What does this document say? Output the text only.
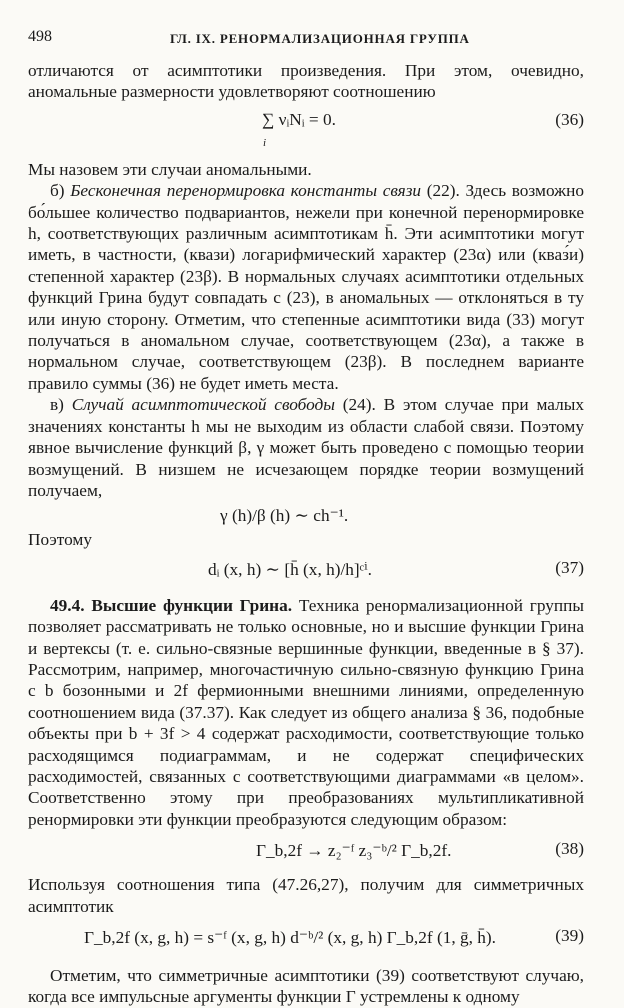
498	ГЛ. IX. РЕНОРМАЛИЗАЦИОННАЯ ГРУППА

отличаются от асимптотики произведения. При этом, очевидно, аномальные размерности удовлетворяют соотношению

∑ νᵢNᵢ = 0.
i
(36)

Мы назовем эти случаи аномальными.

б) Бесконечная перенормировка константы связи (22). Здесь возможно бо́льшее количество подвариантов, нежели при конечной перенормировке h, соответствующих различным асимптотикам h̄. Эти асимптотики могут иметь, в частности, (квази) логарифмический характер (23α) или (кваз́и) степенной характер (23β). В нормальных случаях асимптотики отдельных функций Грина будут совпадать с (23), в аномальных — отклоняться в ту или иную сторону. Отметим, что степенные асимптотики вида (33) могут получаться в аномальном случае, соответствующем (23α), а также в нормальном случае, соответствующем (23β). В последнем варианте правило суммы (36) не будет иметь места.

в) Случай асимптотической свободы (24). В этом случае при малых значениях константы h мы не выходим из области слабой связи. Поэтому явное вычисление функций β, γ может быть проведено с помощью теории возмущений. В низшем не исчезающем порядке теории возмущений получаем,

γ (h)/β (h) ∼ ch⁻¹.

Поэтому

dᵢ (x, h) ∼ [h̄ (x, h)/h]ᶜⁱ.	(37)

49.4. Высшие функции Грина. Техника ренормализационной группы позволяет рассматривать не только основные, но и высшие функции Грина и вертексы (т. е. сильно-связные вершинные функции, введенные в § 37). Рассмотрим, например, многочастичную сильно-связную функцию Грина с b бозонными и 2f фермионными внешними линиями, определенную соотношением вида (37.37). Как следует из общего анализа § 36, подобные объекты при b + 3f > 4 содержат расходимости, соответствующие только расходящимся подиаграммам, и не содержат специфических расходимостей, связанных с соответствующими диаграммами «в целом». Соответственно этому при преобразованиях мультипликативной ренормировки эти функции преобразуются следующим образом:

Γ_b,2f → z₂⁻ᶠ z₃⁻ᵇ/² Γ_b,2f.	(38)

Используя соотношения типа (47.26,27), получим для симметричных асимптотик

Γ_b,2f (x, g, h) = s⁻ᶠ (x, g, h) d⁻ᵇ/² (x, g, h) Γ_b,2f (1, ḡ, h̄).	(39)

Отметим, что симметричные асимптотики (39) соответствуют случаю, когда все импульсные аргументы функции Γ устремлены к одному
